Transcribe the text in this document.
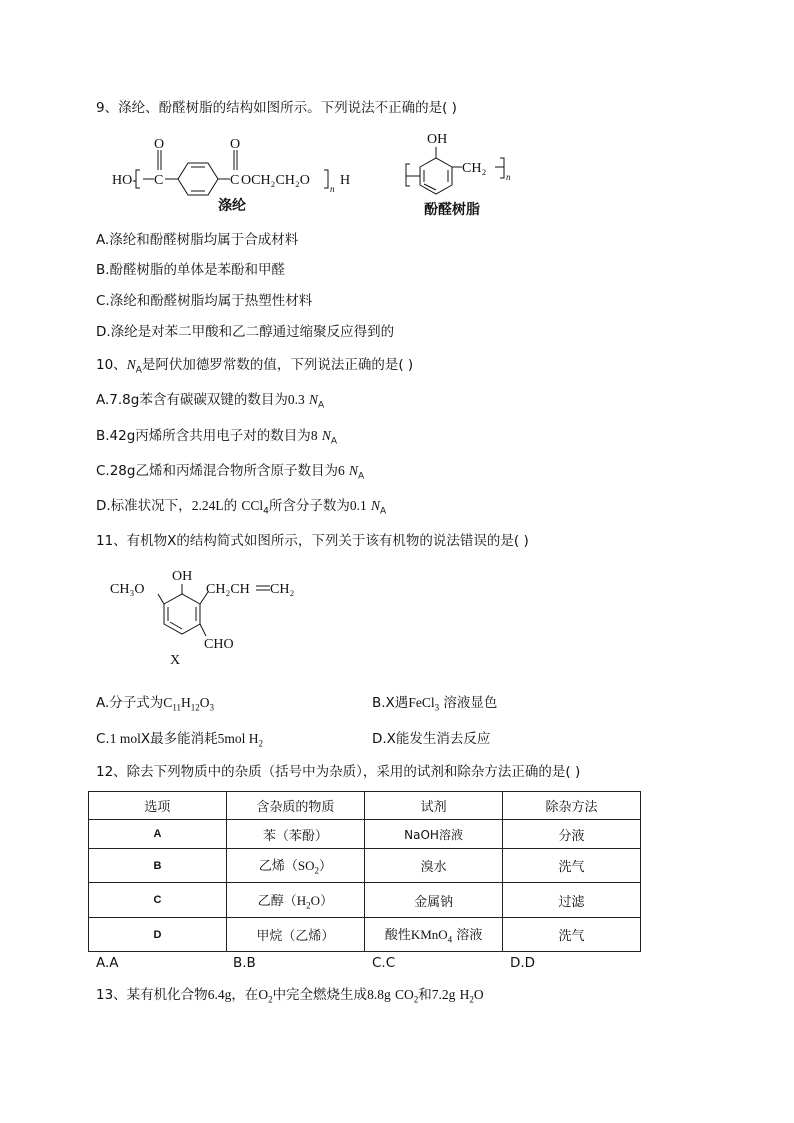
9、涤纶、酚醛树脂的结构如图所示。下列说法不正确的是( )
HO- C
O
C
O
OCH₂CH₂O
n
H
涤纶
OH
CH₂
n
酚醛树脂
A.涤纶和酚醛树脂均属于合成材料
B.酚醛树脂的单体是苯酚和甲醛
C.涤纶和酚醛树脂均属于热塑性材料
D.涤纶是对苯二甲酸和乙二醇通过缩聚反应得到的
10、$N_A$是阿伏加德罗常数的值，下列说法正确的是( )
A.7.8g苯含有碳碳双键的数目为0.3 $N_A$
B.42g丙烯所含共用电子对的数目为8 $N_A$
C.28g乙烯和丙烯混合物所含原子数目为6 $N_A$
D.标准状况下，2.24L的 CCl$_4$所含分子数为0.1 $N_A$
11、有机物X的结构简式如图所示，下列关于该有机物的说法错误的是( )
CH₃O
OH
CH₂CH CH₂
CHO
X
A.分子式为$C_{11}H_{12}O_3$	B.X遇FeCl$_3$ 溶液显色
C.1 molX最多能消耗5mol $H_2$	D.X能发生消去反应
12、除去下列物质中的杂质（括号中为杂质），采用的试剂和除杂方法正确的是( )
选项	含杂质的物质	试剂	除杂方法
A	苯（苯酚）	NaOH溶液	分液
B	乙烯$(SO_2)$	溴水	洗气
C	乙醇$(H_2O)$	金属钠	过滤
D	甲烷（乙烯）	酸性KMnO$_4$ 溶液	洗气
A.A	B.B	C.C	D.D
13、某有机化合物6.4g，在$O_2$中完全燃烧生成8.8g $CO_2$和7.2g $H_2O$
